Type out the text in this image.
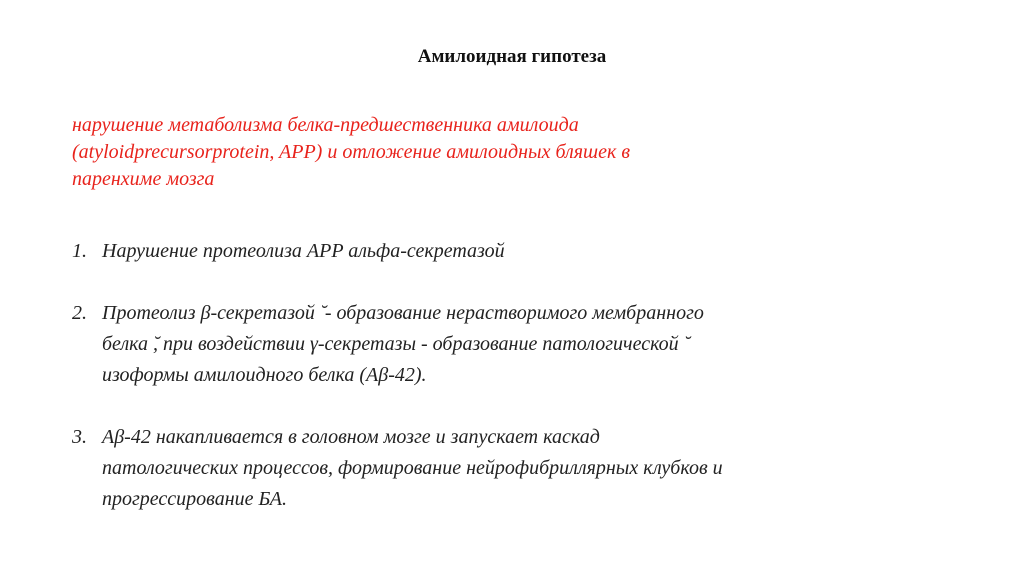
Амилоидная гипотеза
нарушение метаболизма белка-предшественника амилоида
(atyloidprecursorprotein, APP) и отложение амилоидных бляшек в
паренхиме мозга
1. Нарушение протеолиза APP альфа-секретазой
2. Протеолиз β-секретазой ̆ - образование нерастворимого мембранного
белка ̆, при воздействии γ-секретазы - образование патологической ̆
изоформы амилоидного белка (Aβ-42).
3. Aβ-42 накапливается в головном мозге и запускает каскад
патологических процессов, формирование нейрофибриллярных клубков и
прогрессирование БА.
